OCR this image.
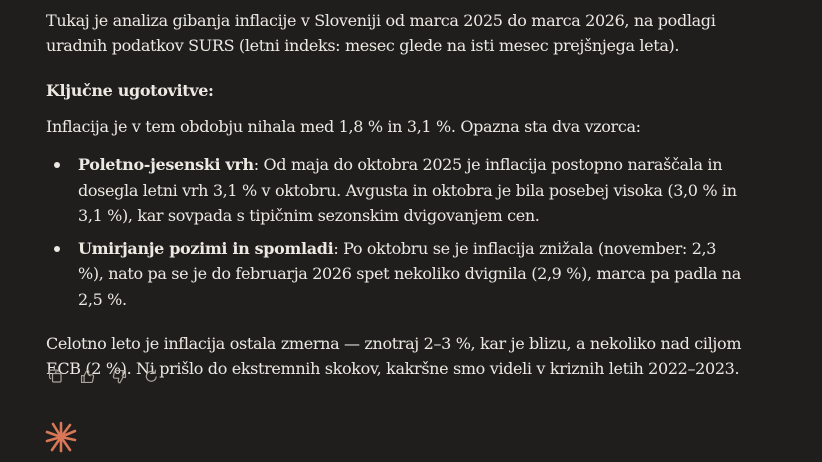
Tukaj je analiza gibanja inflacije v Sloveniji od marca 2025 do marca 2026, na podlagi uradnih podatkov SURS (letni indeks: mesec glede na isti mesec prejšnjega leta).

Ključne ugotovitve:

Inflacija je v tem obdobju nihala med 1,8 % in 3,1 %. Opazna sta dva vzorca:

Poletno-jesenski vrh: Od maja do oktobra 2025 je inflacija postopno naraščala in dosegla letni vrh 3,1 % v oktobru. Avgusta in oktobra je bila posebej visoka (3,0 % in 3,1 %), kar sovpada s tipičnim sezonskim dvigovanjem cen.
Umirjanje pozimi in spomladi: Po oktobru se je inflacija znižala (november: 2,3 %), nato pa se je do februarja 2026 spet nekoliko dvignila (2,9 %), marca pa padla na 2,5 %.

Celotno leto je inflacija ostala zmerna — znotraj 2–3 %, kar je blizu, a nekoliko nad ciljom ECB (2 %). Ni prišlo do ekstremnih skokov, kakršne smo videli v kriznih letih 2022–2023.
